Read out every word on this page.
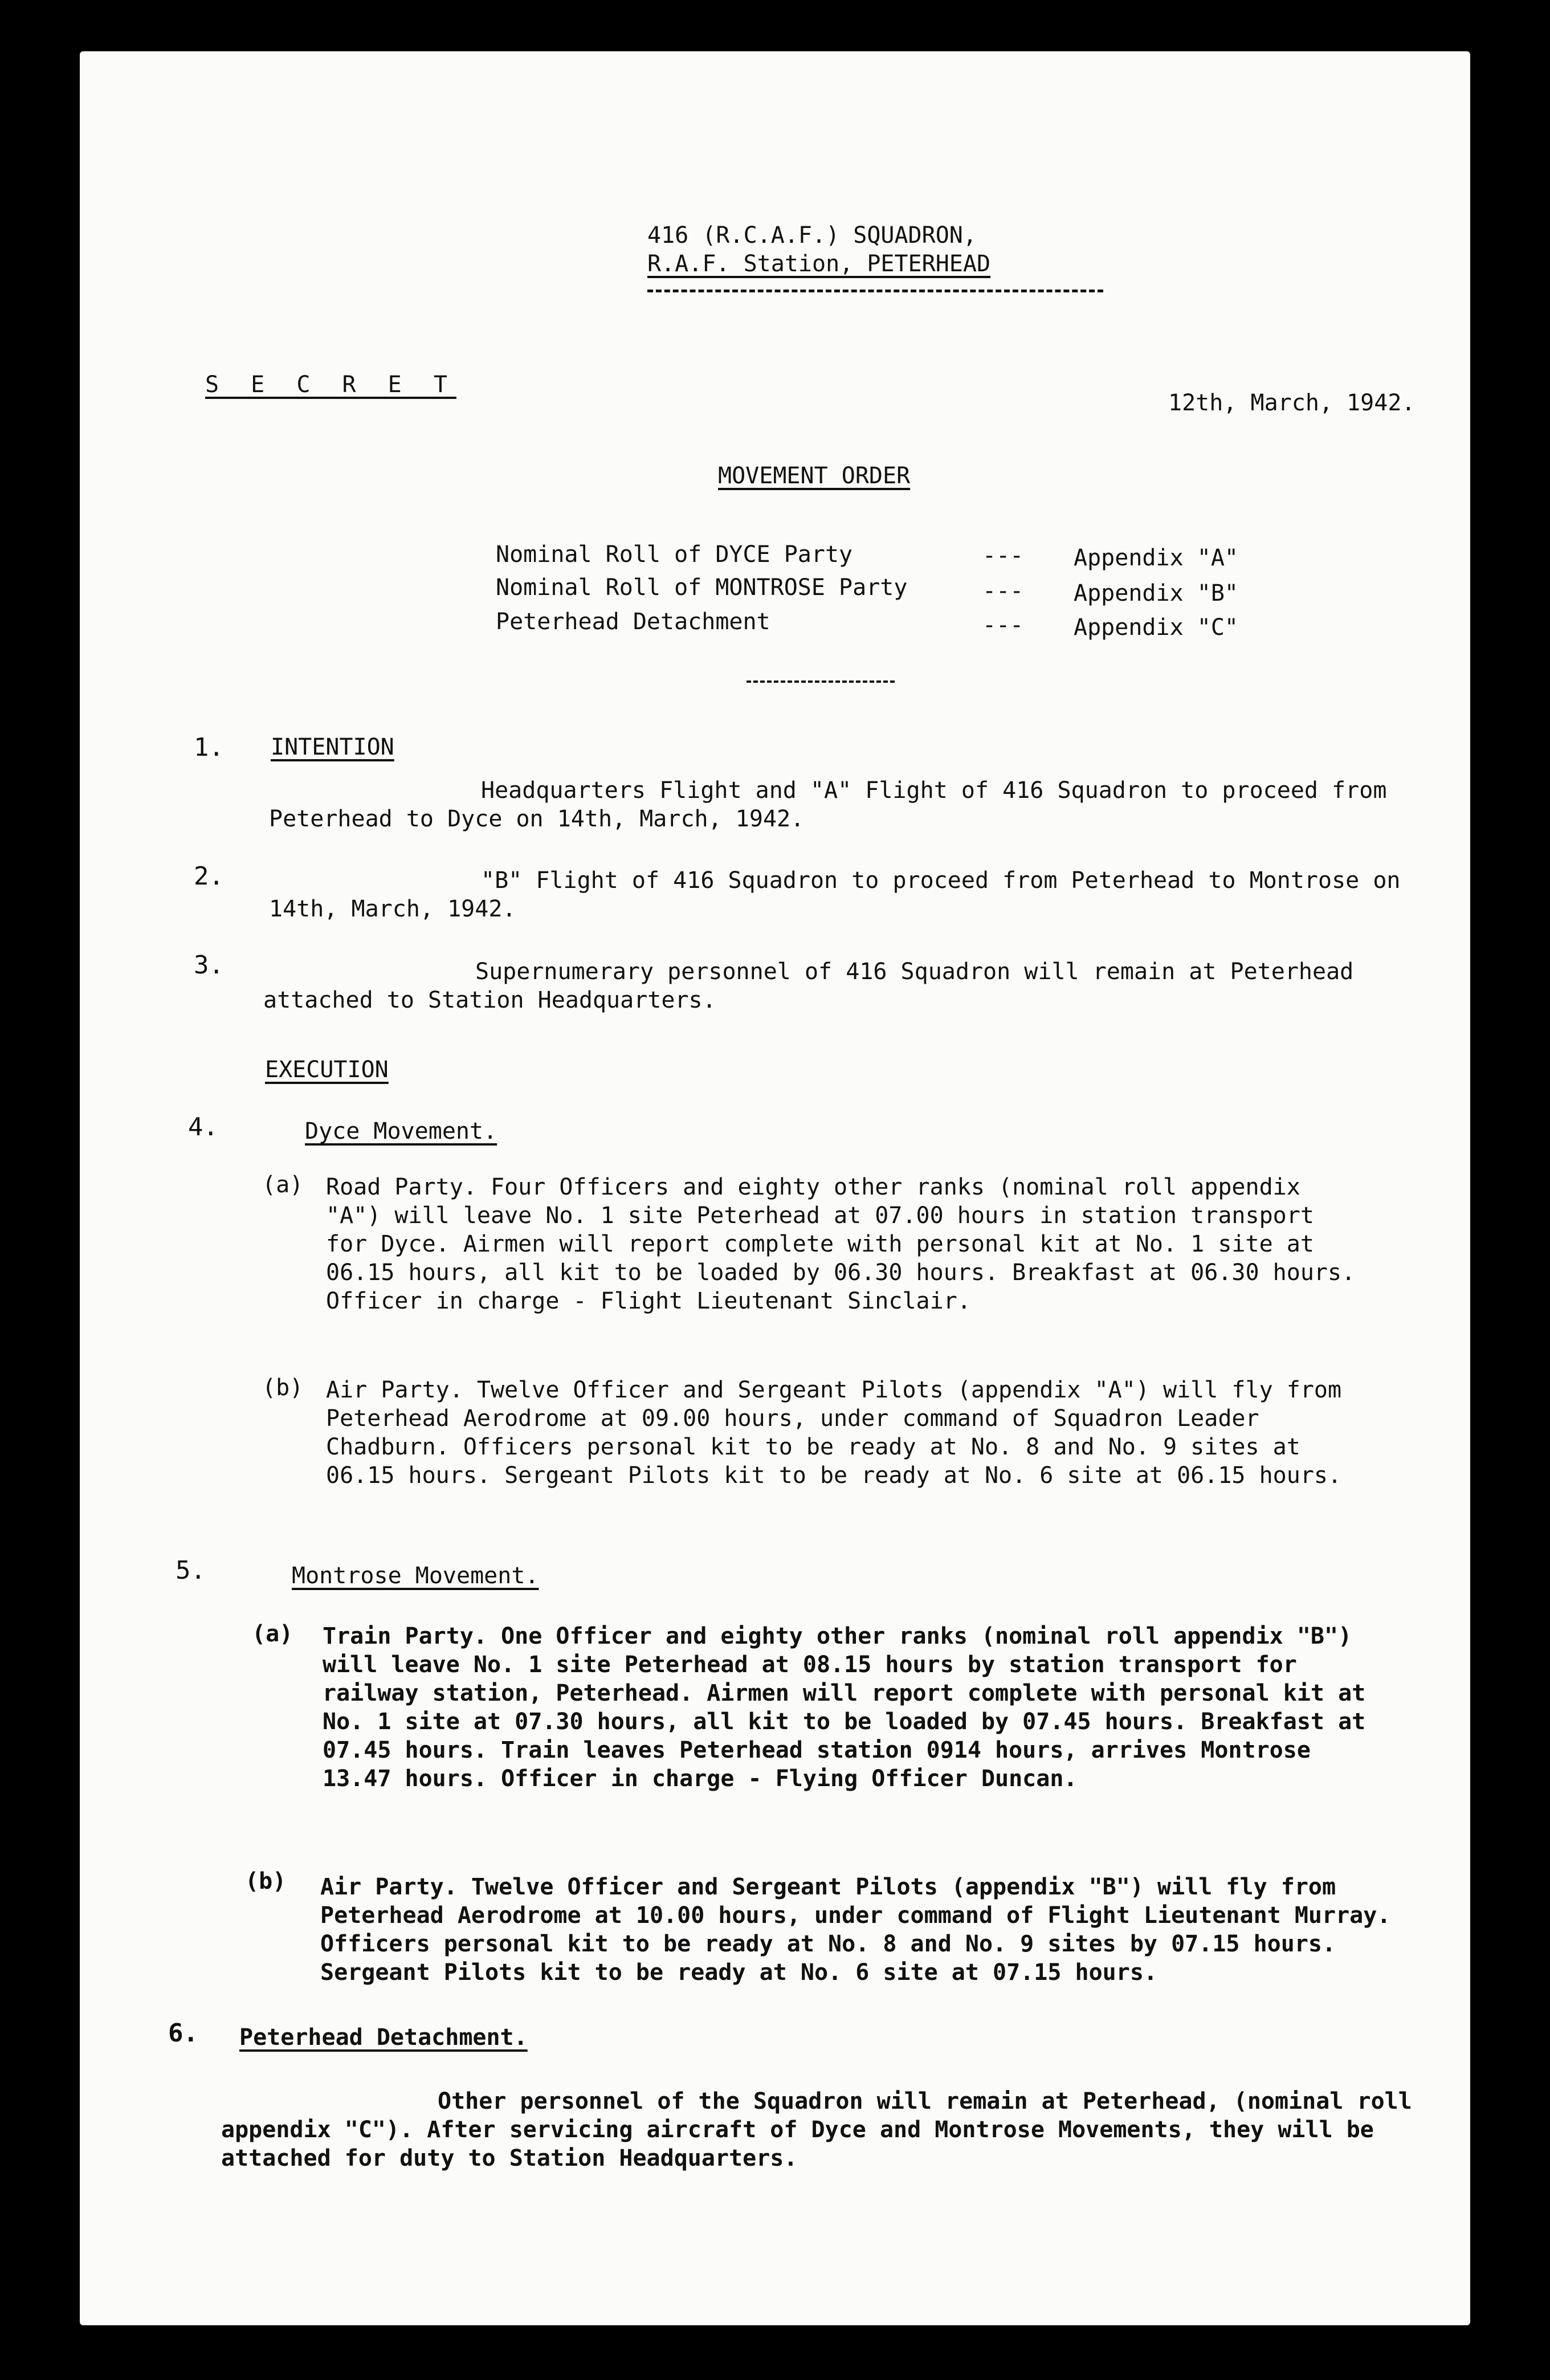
416 (R.C.A.F.) SQUADRON,
R.A.F. Station, PETERHEAD
S E C R E T
12th, March, 1942.
MOVEMENT ORDER
Nominal Roll of DYCE Party	--- Appendix "A"
Nominal Roll of MONTROSE Party	--- Appendix "B"
Peterhead Detachment	--- Appendix "C"
1. INTENTION
Headquarters Flight and "A" Flight of 416 Squadron to proceed from Peterhead to Dyce on 14th, March, 1942.
2.	"B" Flight of 416 Squadron to proceed from Peterhead to Montrose on 14th, March, 1942.
3.	Supernumerary personnel of 416 Squadron will remain at Peterhead attached to Station Headquarters.
EXECUTION
4.	Dyce Movement.
(a) Road Party. Four Officers and eighty other ranks (nominal roll appendix "A") will leave No. 1 site Peterhead at 07.00 hours in station transport for Dyce. Airmen will report complete with personal kit at No. 1 site at 06.15 hours, all kit to be loaded by 06.30 hours. Breakfast at 06.30 hours. Officer in charge - Flight Lieutenant Sinclair.
(b) Air Party. Twelve Officer and Sergeant Pilots (appendix "A") will fly from Peterhead Aerodrome at 09.00 hours, under command of Squadron Leader Chadburn. Officers personal kit to be ready at No. 8 and No. 9 sites at 06.15 hours. Sergeant Pilots kit to be ready at No. 6 site at 06.15 hours.
5.	Montrose Movement.
(a) Train Party. One Officer and eighty other ranks (nominal roll appendix "B") will leave No. 1 site Peterhead at 08.15 hours by station transport for railway station, Peterhead. Airmen will report complete with personal kit at No. 1 site at 07.30 hours, all kit to be loaded by 07.45 hours. Breakfast at 07.45 hours. Train leaves Peterhead station 0914 hours, arrives Montrose 13.47 hours. Officer in charge - Flying Officer Duncan.
(b) Air Party. Twelve Officer and Sergeant Pilots (appendix "B") will fly from Peterhead Aerodrome at 10.00 hours, under command of Flight Lieutenant Murray. Officers personal kit to be ready at No. 8 and No. 9 sites by 07.15 hours. Sergeant Pilots kit to be ready at No. 6 site at 07.15 hours.
6. Peterhead Detachment.
Other personnel of the Squadron will remain at Peterhead, (nominal roll appendix "C"). After servicing aircraft of Dyce and Montrose Movements, they will be attached for duty to Station Headquarters.
